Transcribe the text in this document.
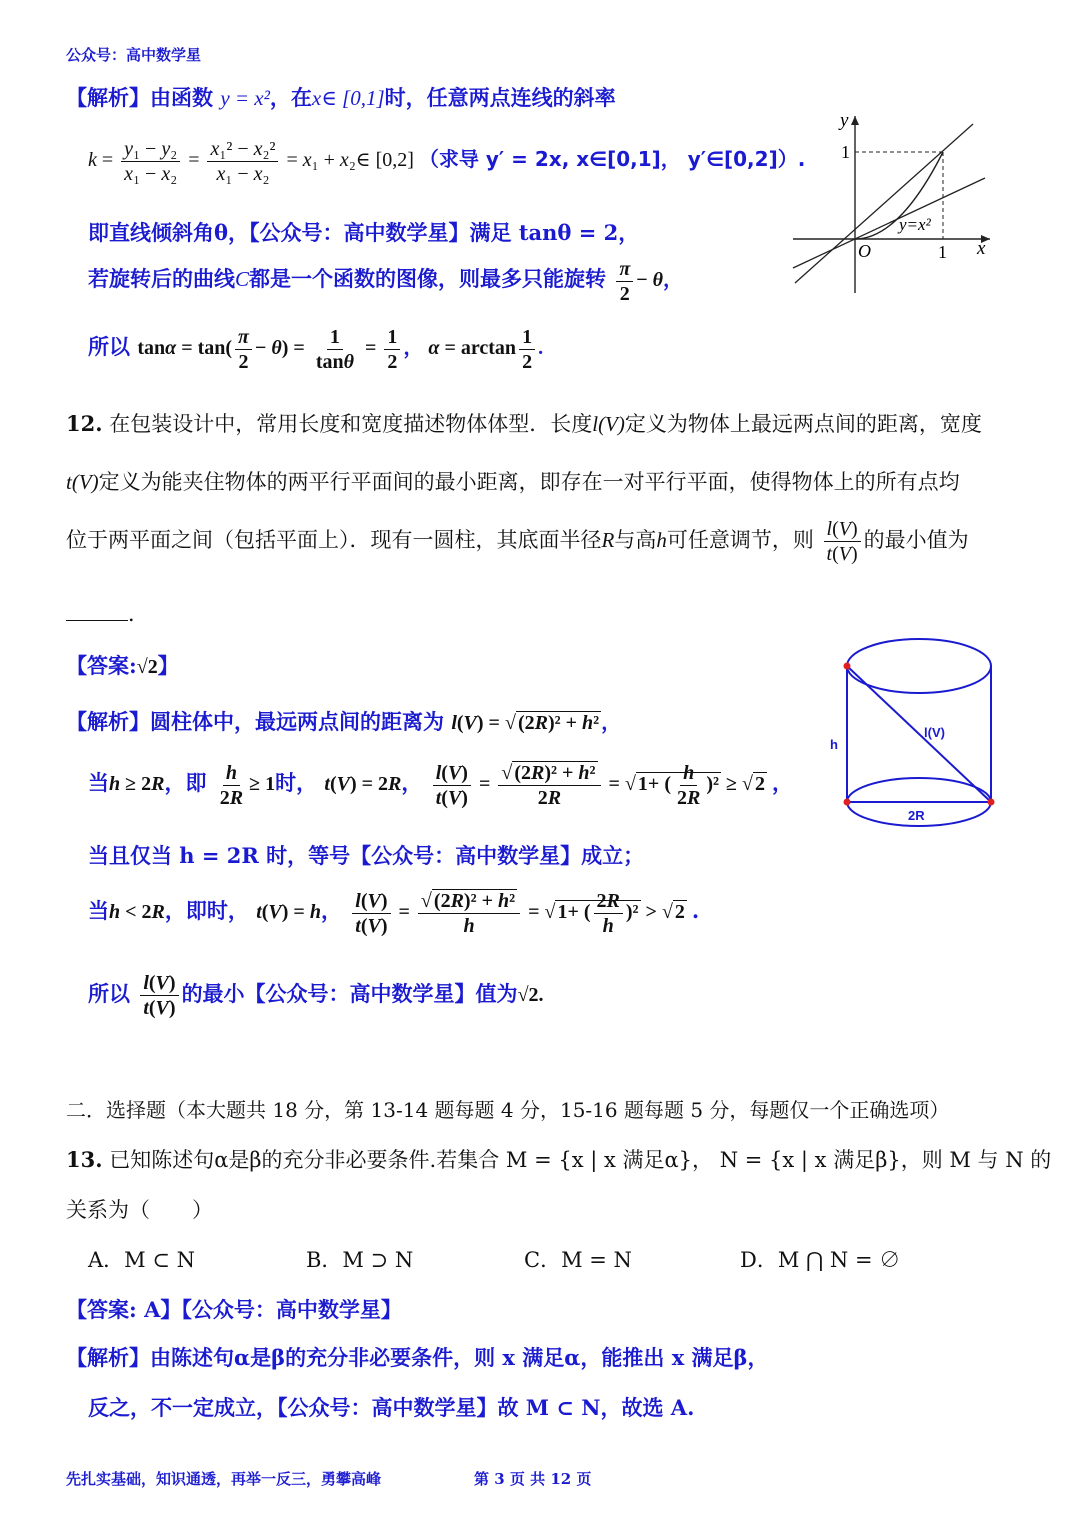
公众号：高中数学星
【解析】由函数 y = x²，在x∈ [0,1]时，任意两点连线的斜率
$k = \frac{\text{y₁ − y₂}}{\text{x₁ − x₂}} = \frac{\text{x₁² − x₂²}}{\text{x₁ − x₂}} = x_1$ + x₂∈ [0,2] （求导 y′ = 2x, x∈[0,1]， y′∈[0,2]）.
即直线倾斜角θ，【公众号：高中数学星】满足 tanθ = 2，
若旋转后的曲线C都是一个函数的图像，则最多只能旋转 $\frac{\pi}{2} - \theta$，
所以
$\tan\alpha = \tan( \frac{\pi}{2} - \theta) = \frac{1}{\tan\theta} = \frac{1}{2}$ ， $\alpha = \arctan \frac{1}{2}$ .
y
x
O	1
1
y=x²
12. 在包装设计中，常用长度和宽度描述物体体型．长度l(V)定义为物体上最远两点间的距离，宽度
t(V)定义为能夹住物体的两平行平面间的最小距离，即存在一对平行平面，使得物体上的所有点均
位于两平面之间（包括平面上）．现有一圆柱，其底面半径R与高h可任意调节，则 $\frac{l(V)}{t(V)}$ 的最小值为
．
【答案:√2】
【解析】圆柱体中，最远两点间的距离为 l(V) = √ (2R)² + h² ，
当h ≥ 2R，即 $\frac{h}{2R} \ge 1$时， t(V) = 2R， $\frac{l(V)}{t(V)} = \frac{\text{√ (2R)² + h²}}{2R}$ = √ 1+ ( $\frac{h}{2R} )^2$ ≥ √ 2 ，
当且仅当 h = 2R 时，等号【公众号：高中数学星】成立；
当h < 2R，即时， t(V) = h， $\frac{l(V)}{t(V)} = \frac{\text{√ (2R)² + h²}}{h}$ = √ 1+ ( $\frac{2R}{h} )^2$ > √ 2 .
所以 $\frac{l(V)}{t(V)}$ 的最小【公众号：高中数学星】值为√2.
h
l(V)
2R
二．选择题（本大题共 18 分，第 13-14 题每题 4 分，15-16 题每题 5 分，每题仅一个正确选项）
13. 已知陈述句α是β的充分非必要条件.若集合 M = {x | x 满足α}， N = {x | x 满足β}，则 M 与 N 的
关系为（　　）
A．M ⊂ N	B．M ⊃ N	C．M = N	D．M ⋂ N = ∅
【答案: A】【公众号：高中数学星】
【解析】由陈述句α是β的充分非必要条件，则 x 满足α，能推出 x 满足β，
反之，不一定成立，【公众号：高中数学星】故 M ⊂ N，故选 A.
先扎实基础，知识通透，再举一反三，勇攀高峰	第 3 页 共 12 页
